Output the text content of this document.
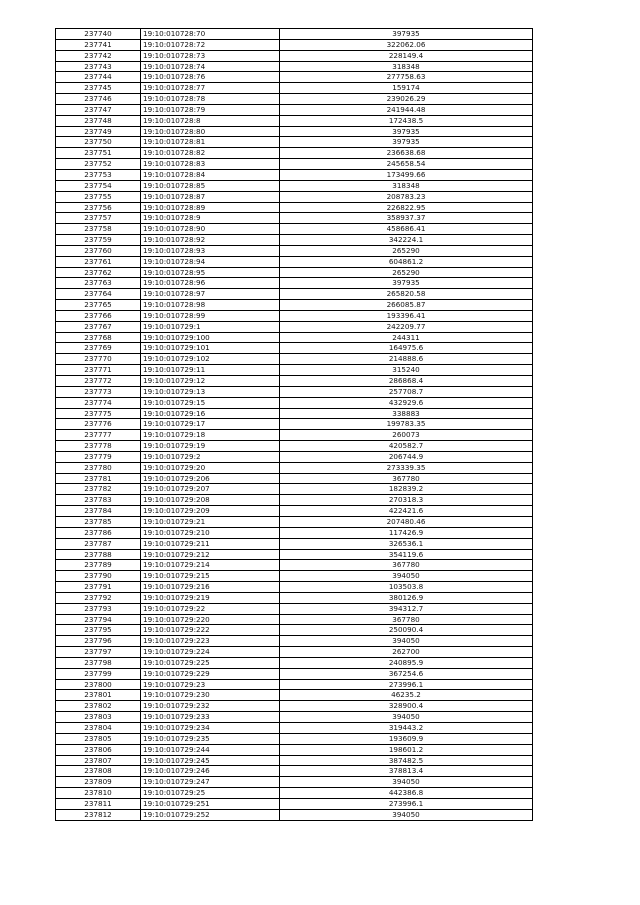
237740	19:10:010728:70	397935
237741	19:10:010728:72	322062.06
237742	19:10:010728:73	228149.4
237743	19:10:010728:74	318348
237744	19:10:010728:76	277758.63
237745	19:10:010728:77	159174
237746	19:10:010728:78	239026.29
237747	19:10:010728:79	241944.48
237748	19:10:010728:8	172438.5
237749	19:10:010728:80	397935
237750	19:10:010728:81	397935
237751	19:10:010728:82	236638.68
237752	19:10:010728:83	245658.54
237753	19:10:010728:84	173499.66
237754	19:10:010728:85	318348
237755	19:10:010728:87	208783.23
237756	19:10:010728:89	226822.95
237757	19:10:010728:9	358937.37
237758	19:10:010728:90	458686.41
237759	19:10:010728:92	342224.1
237760	19:10:010728:93	265290
237761	19:10:010728:94	604861.2
237762	19:10:010728:95	265290
237763	19:10:010728:96	397935
237764	19:10:010728:97	265820.58
237765	19:10:010728:98	266085.87
237766	19:10:010728:99	193396.41
237767	19:10:010729:1	242209.77
237768	19:10:010729:100	244311
237769	19:10:010729:101	164975.6
237770	19:10:010729:102	214888.6
237771	19:10:010729:11	315240
237772	19:10:010729:12	286868.4
237773	19:10:010729:13	257708.7
237774	19:10:010729:15	432929.6
237775	19:10:010729:16	338883
237776	19:10:010729:17	199783.35
237777	19:10:010729:18	260073
237778	19:10:010729:19	420582.7
237779	19:10:010729:2	206744.9
237780	19:10:010729:20	273339.35
237781	19:10:010729:206	367780
237782	19:10:010729:207	182839.2
237783	19:10:010729:208	270318.3
237784	19:10:010729:209	422421.6
237785	19:10:010729:21	207480.46
237786	19:10:010729:210	117426.9
237787	19:10:010729:211	326536.1
237788	19:10:010729:212	354119.6
237789	19:10:010729:214	367780
237790	19:10:010729:215	394050
237791	19:10:010729:216	103503.8
237792	19:10:010729:219	380126.9
237793	19:10:010729:22	394312.7
237794	19:10:010729:220	367780
237795	19:10:010729:222	250090.4
237796	19:10:010729:223	394050
237797	19:10:010729:224	262700
237798	19:10:010729:225	240895.9
237799	19:10:010729:229	367254.6
237800	19:10:010729:23	273996.1
237801	19:10:010729:230	46235.2
237802	19:10:010729:232	328900.4
237803	19:10:010729:233	394050
237804	19:10:010729:234	319443.2
237805	19:10:010729:235	193609.9
237806	19:10:010729:244	198601.2
237807	19:10:010729:245	387482.5
237808	19:10:010729:246	378813.4
237809	19:10:010729:247	394050
237810	19:10:010729:25	442386.8
237811	19:10:010729:251	273996.1
237812	19:10:010729:252	394050
